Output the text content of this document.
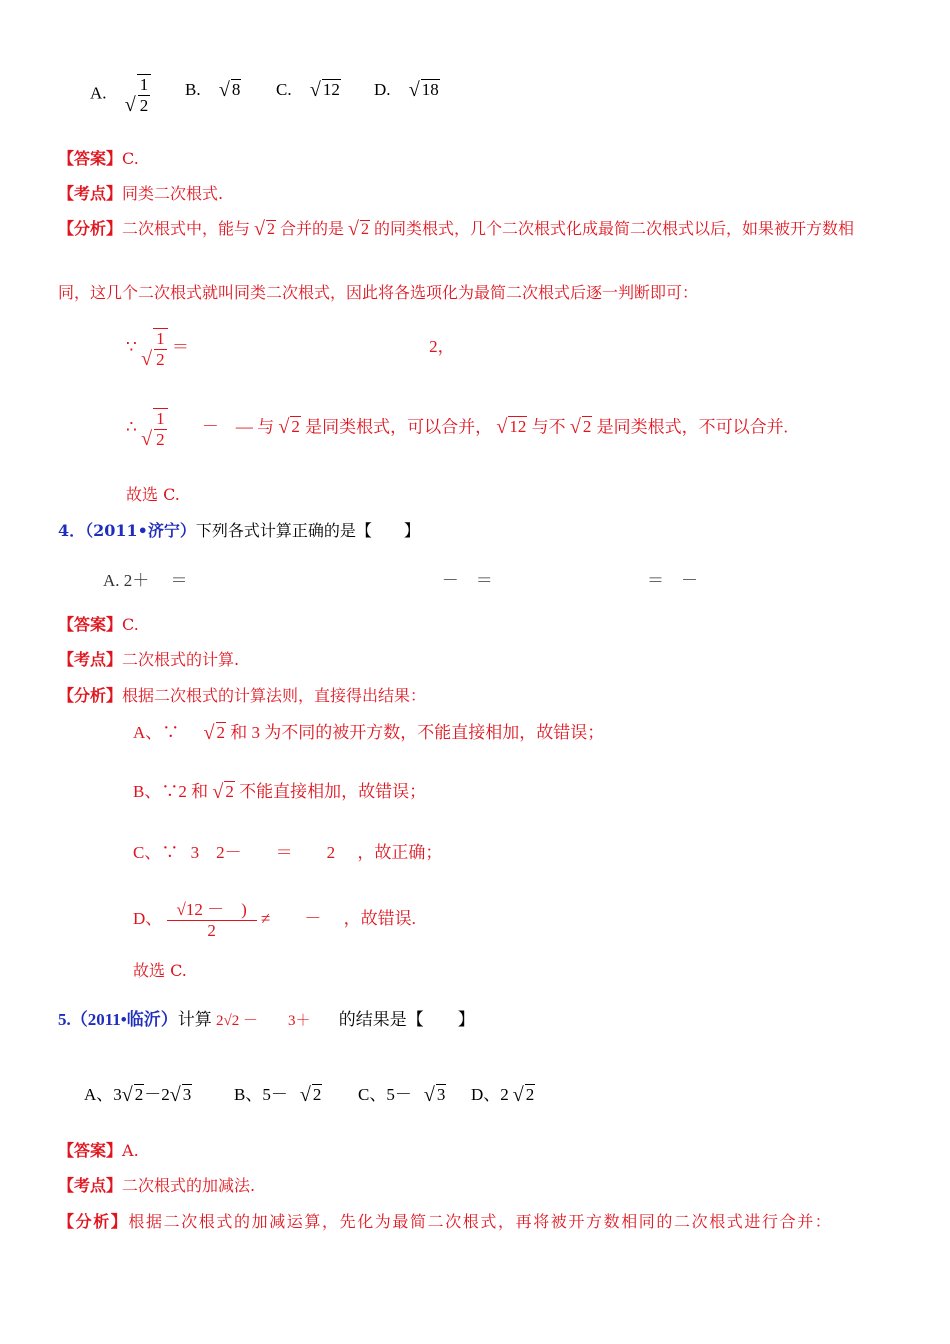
A.
√ $\frac{1}{2} B$. √ 8 C. √ 12 D. √ 18
【答案】C.
【考点】同类二次根式.
【分析】二次根式中，能与 √ 2 合并的是 √ 2 的同类根式，几个二次根式化成最简二次根式以后，如果被开方数相
同，这几个二次根式就叫同类二次根式，因此将各选项化为最简二次根式后逐一判断即可：
∵
√ $\frac{1}{2}$ ＝	2，
∴
√ $\frac{1}{2}$ －　— 与 √ 2 是同类根式，可以合并， √ 12 与不 √ 2 是同类根式，不可以合并.
故选 C.
4．（2011•济宁）下列各式计算正确的是【　　】
A. 2＋　 ＝	－　＝	＝　－
【答案】C.
【考点】二次根式的计算.
【分析】根据二次根式的计算法则，直接得出结果：
A、∵ √ 2 和 3 为不同的被开方数，不能直接相加，故错误；
B、∵2 和 √ 2 不能直接相加，故错误；
C、∵ 3　2－　　＝　　2 ，故正确；
D、 $\frac{√12 - )}{2}$ ≠　　－ ，故错误.
故选 C.
5.（2011•临沂）计算 2√2 －　　3＋ 的结果是【　　】
A、3 √ 2－2 √ 3	B、5－ √ 2 C、5－ √ 3 D、2 √ 2
【答案】A.
【考点】二次根式的加减法.
【分析】根据二次根式的加减运算，先化为最简二次根式，再将被开方数相同的二次根式进行合并：
